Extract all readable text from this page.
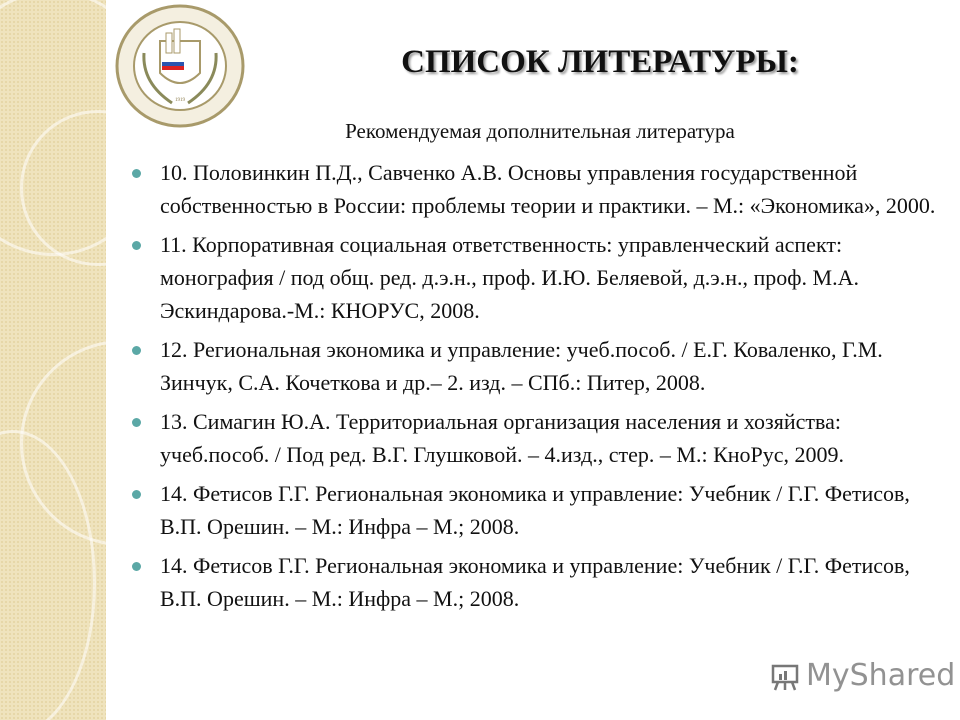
1919
СПИСОК ЛИТЕРАТУРЫ:
Рекомендуемая дополнительная литература
10. Половинкин П.Д., Савченко А.В. Основы управления государственной собственностью в России: проблемы теории и практики. – М.: «Экономика», 2000.
11. Корпоративная социальная ответственность: управленческий аспект: монография / под общ. ред. д.э.н., проф. И.Ю. Беляевой, д.э.н., проф. М.А. Эскиндарова.-М.: КНОРУС, 2008.
12. Региональная экономика и управление: учеб.пособ. / Е.Г. Коваленко, Г.М. Зинчук, С.А. Кочеткова и др.– 2. изд. – СПб.: Питер, 2008.
13. Симагин Ю.А. Территориальная организация населения и хозяйства: учеб.пособ. / Под ред. В.Г. Глушковой. – 4.изд., стер. – М.: КноРус, 2009.
14. Фетисов Г.Г. Региональная экономика и управление: Учебник / Г.Г. Фетисов, В.П. Орешин. – М.: Инфра – М.; 2008.
14. Фетисов Г.Г. Региональная экономика и управление: Учебник / Г.Г. Фетисов, В.П. Орешин. – М.: Инфра – М.; 2008.
MyShared
